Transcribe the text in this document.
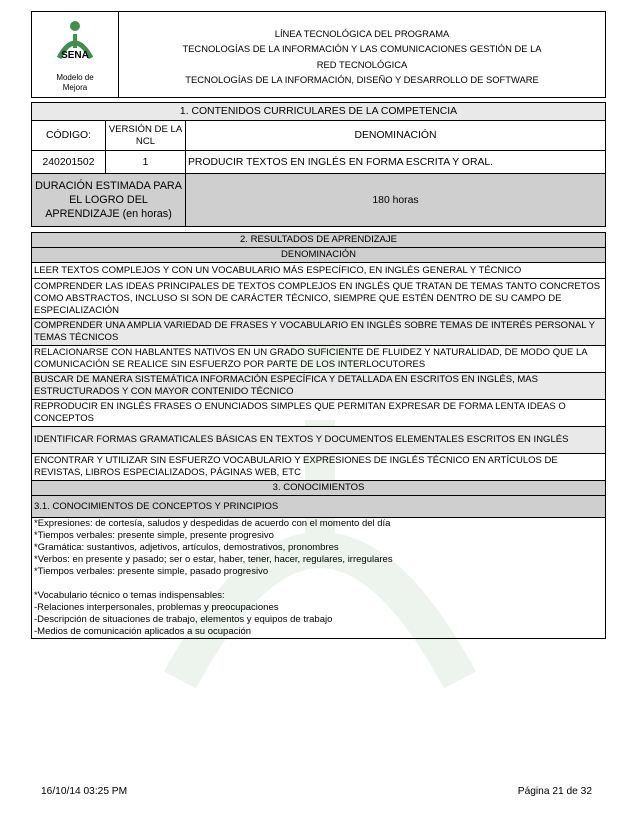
SENA
Modelo de Mejora

LÍNEA TECNOLÓGICA DEL PROGRAMA
TECNOLOGÍAS DE LA INFORMACIÓN Y LAS COMUNICACIONES GESTIÓN DE LA
RED TECNOLÓGICA
TECNOLOGÍAS DE LA INFORMACIÓN, DISEÑO Y DESARROLLO DE SOFTWARE
1. CONTENIDOS CURRICULARES DE LA COMPETENCIA		
CÓDIGO:	VERSIÓN DE LA NCL	DENOMINACIÓN
240201502	1	PRODUCIR TEXTOS EN INGLÉS EN FORMA ESCRITA Y ORAL.
DURACIÓN ESTIMADA PARA EL LOGRO DEL APRENDIZAJE (en horas)		180 horas
2. RESULTADOS DE APRENDIZAJE
DENOMINACIÓN
LEER TEXTOS COMPLEJOS Y CON UN VOCABULARIO MÁS ESPECÍFICO, EN INGLÉS GENERAL Y TÉCNICO
COMPRENDER LAS IDEAS PRINCIPALES DE TEXTOS COMPLEJOS EN INGLÉS QUE TRATAN DE TEMAS TANTO CONCRETOS COMO ABSTRACTOS, INCLUSO SI SON DE CARÁCTER TÉCNICO, SIEMPRE QUE ESTÉN DENTRO DE SU CAMPO DE ESPECIALIZACIÓN
COMPRENDER UNA AMPLIA VARIEDAD DE FRASES Y VOCABULARIO EN INGLÉS SOBRE TEMAS DE INTERÉS PERSONAL Y TEMAS TÉCNICOS
RELACIONARSE CON HABLANTES NATIVOS EN UN GRADO SUFICIENTE DE FLUIDEZ Y NATURALIDAD, DE MODO QUE LA COMUNICACIÓN SE REALICE SIN ESFUERZO POR PARTE DE LOS INTERLOCUTORES
BUSCAR DE MANERA SISTEMÁTICA INFORMACIÓN ESPECÍFICA Y DETALLADA EN ESCRITOS EN INGLÉS, MAS ESTRUCTURADOS Y CON MAYOR CONTENIDO TÉCNICO
REPRODUCIR EN INGLÉS FRASES O ENUNCIADOS SIMPLES QUE PERMITAN EXPRESAR DE FORMA LENTA IDEAS O CONCEPTOS
IDENTIFICAR FORMAS GRAMATICALES BÁSICAS EN TEXTOS Y DOCUMENTOS ELEMENTALES ESCRITOS EN INGLÉS
ENCONTRAR Y UTILIZAR SIN ESFUERZO VOCABULARIO Y EXPRESIONES DE INGLÉS TÉCNICO EN ARTÍCULOS DE REVISTAS, LIBROS ESPECIALIZADOS, PÁGINAS WEB, ETC
3. CONOCIMIENTOS
3.1. CONOCIMIENTOS DE CONCEPTOS Y PRINCIPIOS

*Expresiones: de cortesía, saludos y despedidas de acuerdo con el momento del día
*Tiempos verbales: presente simple, presente progresivo
*Gramática: sustantivos, adjetivos, artículos, demostrativos, pronombres
*Verbos: en presente y pasado; ser o estar, haber, tener, hacer, regulares, irregulares
*Tiempos verbales: presente simple, pasado progresivo
*Vocabulario técnico o temas indispensables:
-Relaciones interpersonales, problemas y preocupaciones
-Descripción de situaciones de trabajo, elementos y equipos de trabajo
-Medios de comunicación aplicados a su ocupación
16/10/14 03:25 PM	Página 21 de 32
